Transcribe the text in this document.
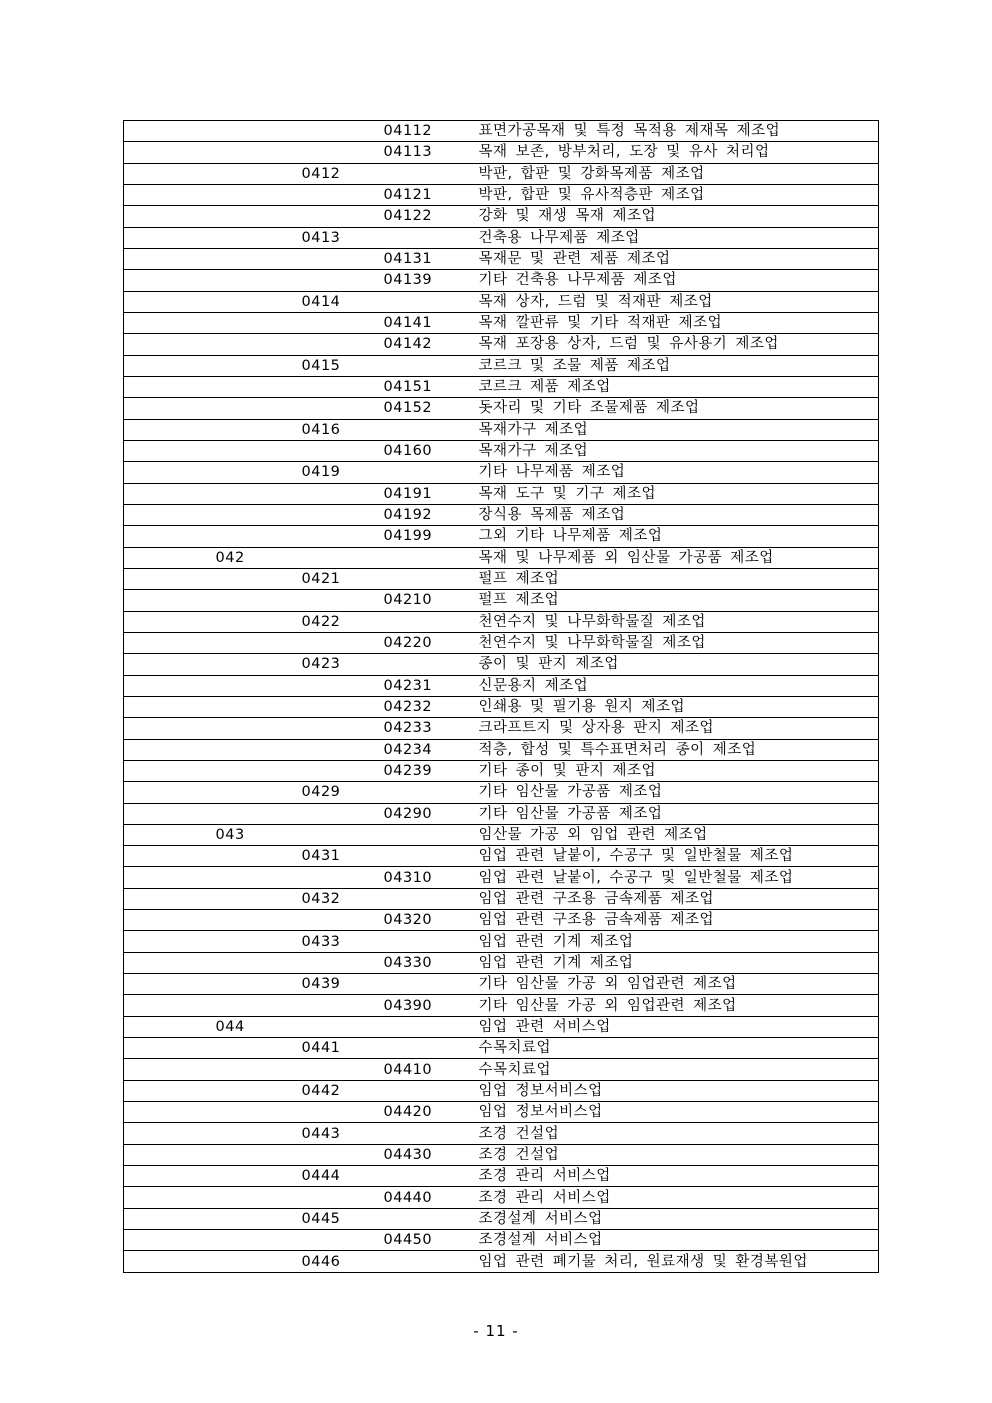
			04112	표면가공목재 및 특정 목적용 제재목 제조업
			04113	목재 보존, 방부처리, 도장 및 유사 처리업
		0412		박판, 합판 및 강화목제품 제조업
			04121	박판, 합판 및 유사적층판 제조업
			04122	강화 및 재생 목재 제조업
		0413		건축용 나무제품 제조업
			04131	목재문 및 관련 제품 제조업
			04139	기타 건축용 나무제품 제조업
		0414		목재 상자, 드럼 및 적재판 제조업
			04141	목재 깔판류 및 기타 적재판 제조업
			04142	목재 포장용 상자, 드럼 및 유사용기 제조업
		0415		코르크 및 조물 제품 제조업
			04151	코르크 제품 제조업
			04152	돗자리 및 기타 조물제품 제조업
		0416		목재가구 제조업
			04160	목재가구 제조업
		0419		기타 나무제품 제조업
			04191	목재 도구 및 기구 제조업
			04192	장식용 목제품 제조업
			04199	그외 기타 나무제품 제조업
	042			목재 및 나무제품 외 임산물 가공품 제조업
		0421		펄프 제조업
			04210	펄프 제조업
		0422		천연수지 및 나무화학물질 제조업
			04220	천연수지 및 나무화학물질 제조업
		0423		종이 및 판지 제조업
			04231	신문용지 제조업
			04232	인쇄용 및 필기용 원지 제조업
			04233	크라프트지 및 상자용 판지 제조업
			04234	적층, 합성 및 특수표면처리 종이 제조업
			04239	기타 종이 및 판지 제조업
		0429		기타 임산물 가공품 제조업
			04290	기타 임산물 가공품 제조업
	043			임산물 가공 외 임업 관련 제조업
		0431		임업 관련 날붙이, 수공구 및 일반철물 제조업
			04310	임업 관련 날붙이, 수공구 및 일반철물 제조업
		0432		임업 관련 구조용 금속제품 제조업
			04320	임업 관련 구조용 금속제품 제조업
		0433		임업 관련 기계 제조업
			04330	임업 관련 기계 제조업
		0439		기타 임산물 가공 외 임업관련 제조업
			04390	기타 임산물 가공 외 임업관련 제조업
	044			임업 관련 서비스업
		0441		수목치료업
			04410	수목치료업
		0442		임업 정보서비스업
			04420	임업 정보서비스업
		0443		조경 건설업
			04430	조경 건설업
		0444		조경 관리 서비스업
			04440	조경 관리 서비스업
		0445		조경설계 서비스업
			04450	조경설계 서비스업
		0446		임업 관련 폐기물 처리, 원료재생 및 환경복원업
- 11 -
